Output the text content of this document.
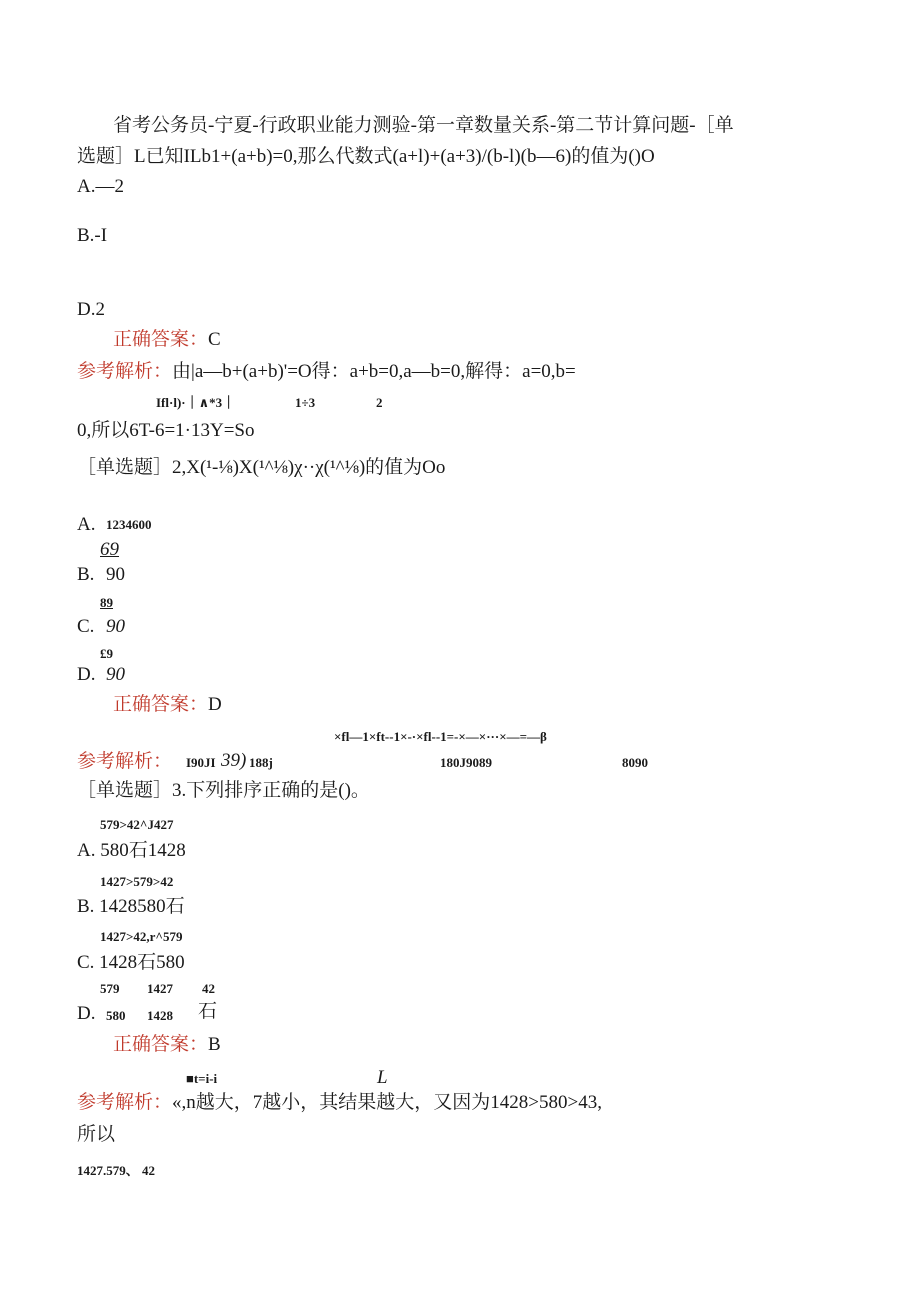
省考公务员-宁夏-行政职业能力测验-第一章数量关系-第二节计算问题-［单
选题］L已知ILb1+(a+b)=0,那么代数式(a+l)+(a+3)/(b-l)(b—6)的值为()O
A.—2
B.-I
D.2
正确答案：C
参考解析：由|a—b+(a+b)'=O得：a+b=0,a—b=0,解得：a=0,b=
Ifl·l)·｜∧*3｜	1÷3	2
0,所以6T-6=1·13Y=So
［单选题］2,X(¹-⅛)X(¹^⅛)χ··χ(¹^⅛)的值为Oo
A. 1234600
69
B. 90
89
C. 90
£9
D. 90
正确答案：D
×fl—1×ft--1×-·×fl--1=-×—×···×—=—β
参考解析： I90JI 39) 188j	180J9089	8090
［单选题］3.下列排序正确的是()。
579>42^J427
A. 580石1428
1427>579>42
B. 1428580石
1427>42,r^579
C. 1428石580
579 1427 42
D. 580 1428 石
正确答案：B
■t=i-i	L
参考解析：«,n越大，7越小，其结果越大，又因为1428>580>43,
所以
1427.579、 42
